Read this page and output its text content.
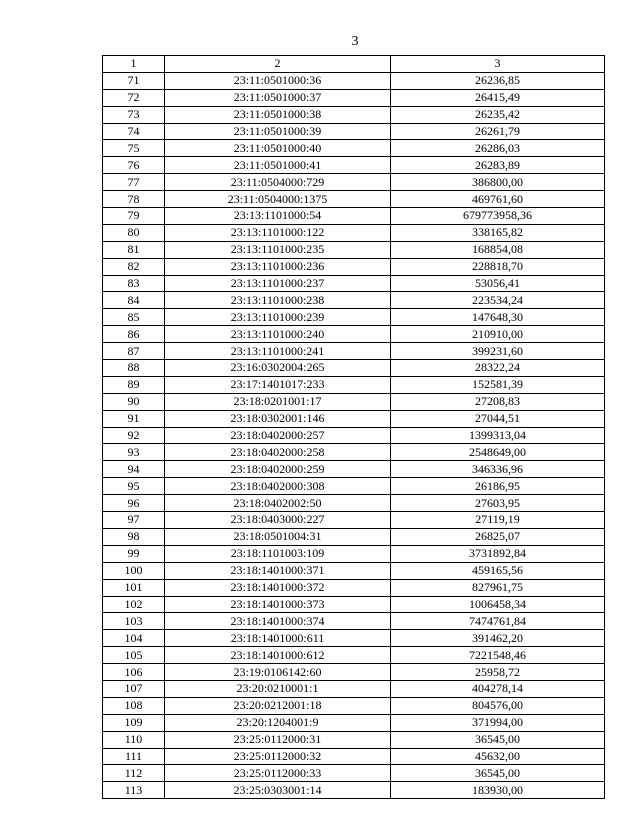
3
1	2	3
71	23:11:0501000:36	26236,85
72	23:11:0501000:37	26415,49
73	23:11:0501000:38	26235,42
74	23:11:0501000:39	26261,79
75	23:11:0501000:40	26286,03
76	23:11:0501000:41	26283,89
77	23:11:0504000:729	386800,00
78	23:11:0504000:1375	469761,60
79	23:13:1101000:54	679773958,36
80	23:13:1101000:122	338165,82
81	23:13:1101000:235	168854,08
82	23:13:1101000:236	228818,70
83	23:13:1101000:237	53056,41
84	23:13:1101000:238	223534,24
85	23:13:1101000:239	147648,30
86	23:13:1101000:240	210910,00
87	23:13:1101000:241	399231,60
88	23:16:0302004:265	28322,24
89	23:17:1401017:233	152581,39
90	23:18:0201001:17	27208,83
91	23:18:0302001:146	27044,51
92	23:18:0402000:257	1399313,04
93	23:18:0402000:258	2548649,00
94	23:18:0402000:259	346336,96
95	23:18:0402000:308	26186,95
96	23:18:0402002:50	27603,95
97	23:18:0403000:227	27119,19
98	23:18:0501004:31	26825,07
99	23:18:1101003:109	3731892,84
100	23:18:1401000:371	459165,56
101	23:18:1401000:372	827961,75
102	23:18:1401000:373	1006458,34
103	23:18:1401000:374	7474761,84
104	23:18:1401000:611	391462,20
105	23:18:1401000:612	7221548,46
106	23:19:0106142:60	25958,72
107	23:20:0210001:1	404278,14
108	23:20:0212001:18	804576,00
109	23:20:1204001:9	371994,00
110	23:25:0112000:31	36545,00
111	23:25:0112000:32	45632,00
112	23:25:0112000:33	36545,00
113	23:25:0303001:14	183930,00
